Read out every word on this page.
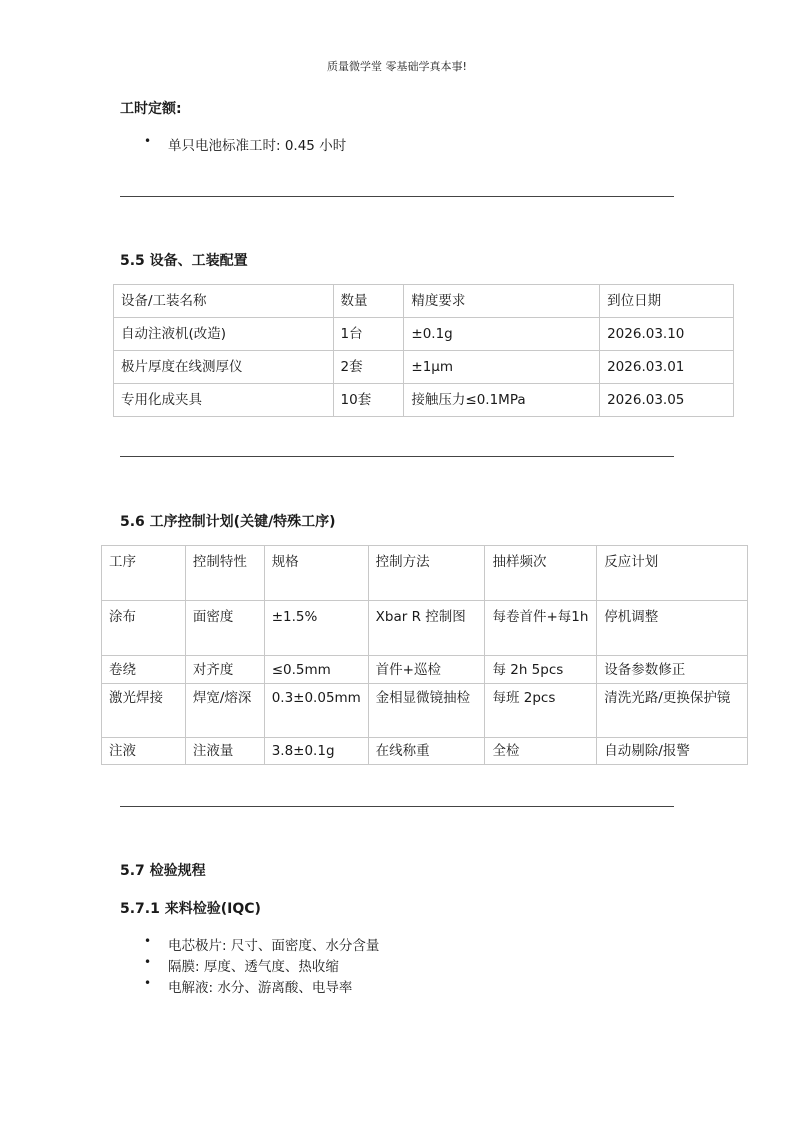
质量微学堂 零基础学真本事!
工时定额:
• 单只电池标准工时: 0.45 小时
5.5 设备、工装配置
设备/工装名称	数量	精度要求	到位日期
自动注液机(改造)	1台	±0.1g	2026.03.10
极片厚度在线测厚仪	2套	±1μm	2026.03.01
专用化成夹具	10套	接触压力≤0.1MPa	2026.03.05
5.6 工序控制计划(关键/特殊工序)
工序	控制特性	规格	控制方法	抽样频次	反应计划
涂布	面密度	±1.5%	Xbar R 控制图	每卷首件+每1h	停机调整
卷绕	对齐度	≤0.5mm	首件+巡检	每 2h 5pcs	设备参数修正
激光焊接	焊宽/熔深	0.3±0.05mm	金相显微镜抽检	每班 2pcs	清洗光路/更换保护镜
注液	注液量	3.8±0.1g	在线称重	全检	自动剔除/报警
5.7 检验规程
5.7.1 来料检验(IQC)
• 电芯极片: 尺寸、面密度、水分含量
• 隔膜: 厚度、透气度、热收缩
• 电解液: 水分、游离酸、电导率
